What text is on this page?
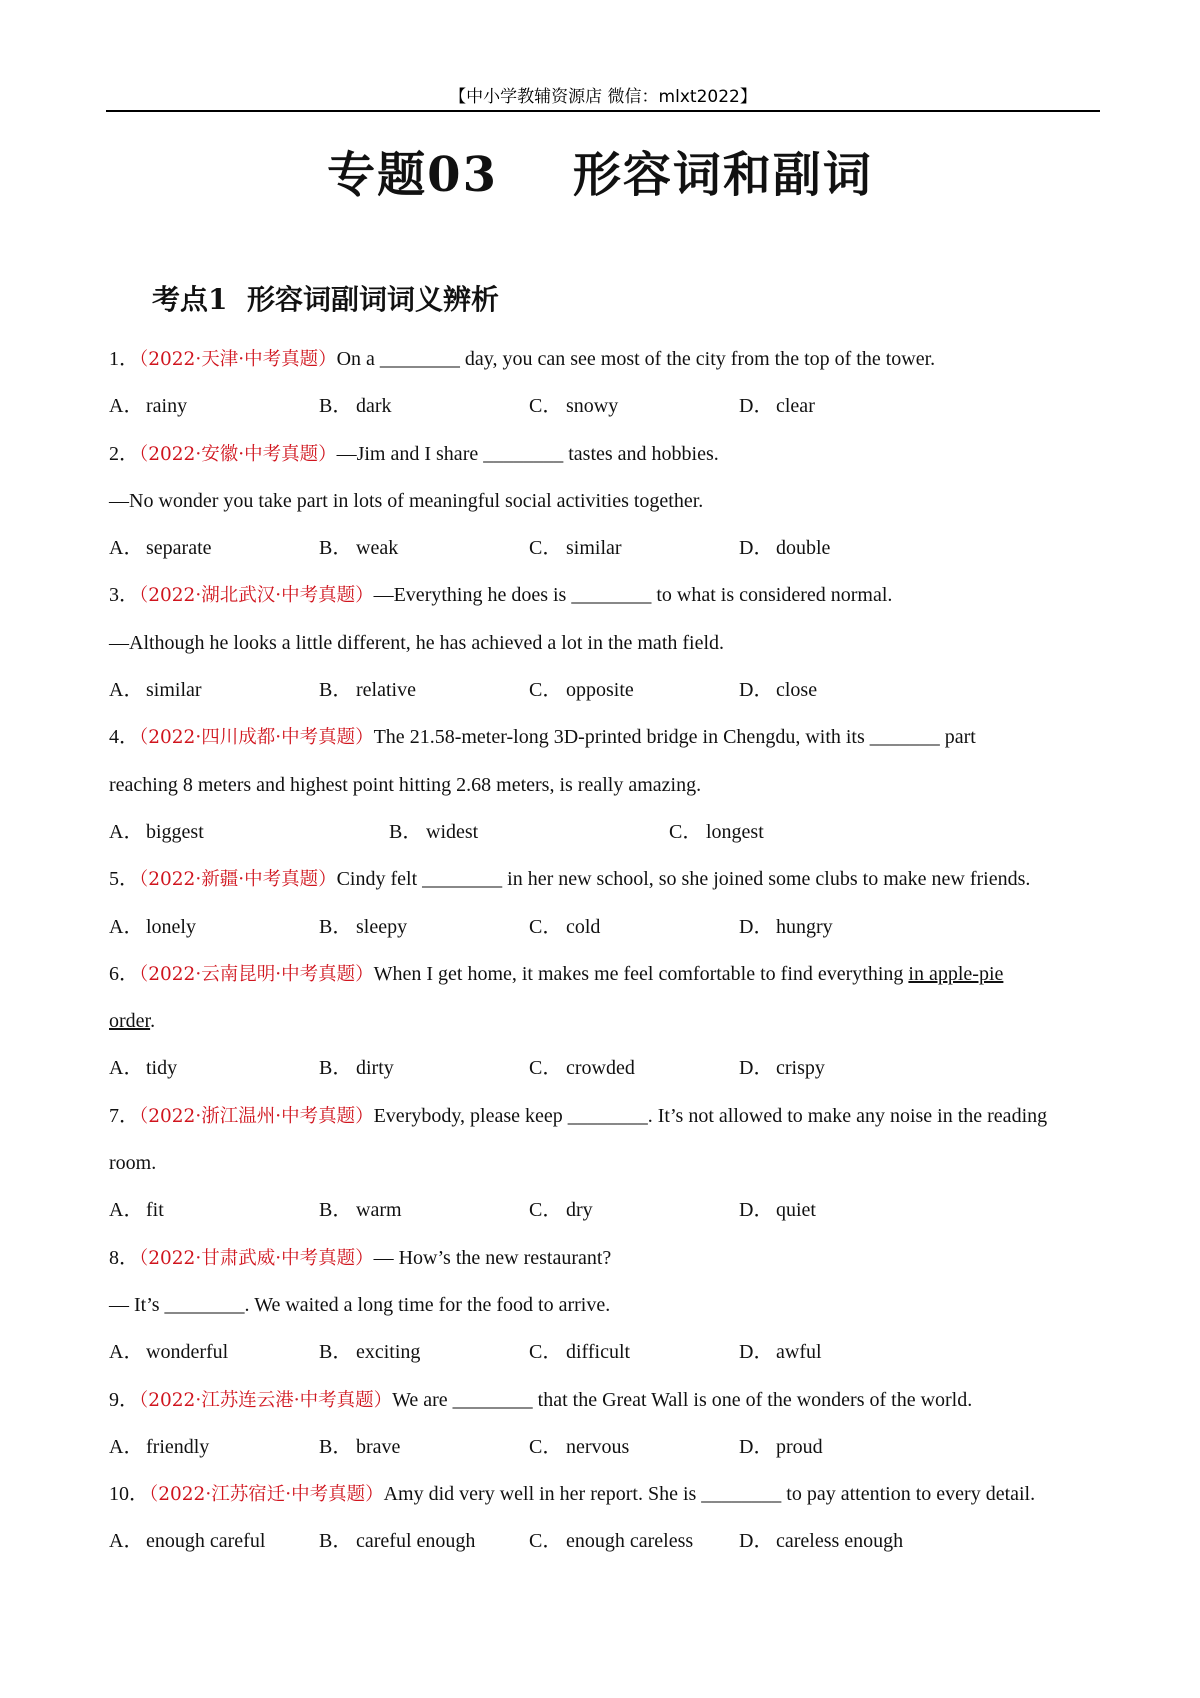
【中小学教辅资源店 微信：mlxt2022】
专题03    形容词和副词
考点1  形容词副词词义辨析
1．（2022·天津·中考真题）On a ________ day, you can see most of the city from the top of the tower.
A． rainy	B． dark	C． snowy	D． clear
2．（2022·安徽·中考真题）—Jim and I share ________ tastes and hobbies.
—No wonder you take part in lots of meaningful social activities together.
A． separate	B． weak	C． similar	D． double
3．（2022·湖北武汉·中考真题）—Everything he does is ________ to what is considered normal.
—Although he looks a little different, he has achieved a lot in the math field.
A． similar	B． relative	C． opposite	D． close
4．（2022·四川成都·中考真题）The 21.58-meter-long 3D-printed bridge in Chengdu, with its _______ part
reaching 8 meters and highest point hitting 2.68 meters, is really amazing.
A． biggest	B． widest	C． longest
5．（2022·新疆·中考真题）Cindy felt ________ in her new school, so she joined some clubs to make new friends.
A． lonely	B． sleepy	C． cold	D． hungry
6．（2022·云南昆明·中考真题）When I get home, it makes me feel comfortable to find everything in apple-pie
order.
A． tidy	B． dirty	C． crowded	D． crispy
7．（2022·浙江温州·中考真题）Everybody, please keep ________. It’s not allowed to make any noise in the reading
room.
A． fit	B． warm	C． dry	D． quiet
8．（2022·甘肃武威·中考真题）— How’s the new restaurant?
— It’s ________. We waited a long time for the food to arrive.
A． wonderful	B． exciting	C． difficult	D． awful
9．（2022·江苏连云港·中考真题）We are ________ that the Great Wall is one of the wonders of the world.
A． friendly	B． brave	C． nervous	D． proud
10．（2022·江苏宿迁·中考真题）Amy did very well in her report. She is ________ to pay attention to every detail.
A． enough careful	B． careful enough	C． enough careless	D． careless enough
